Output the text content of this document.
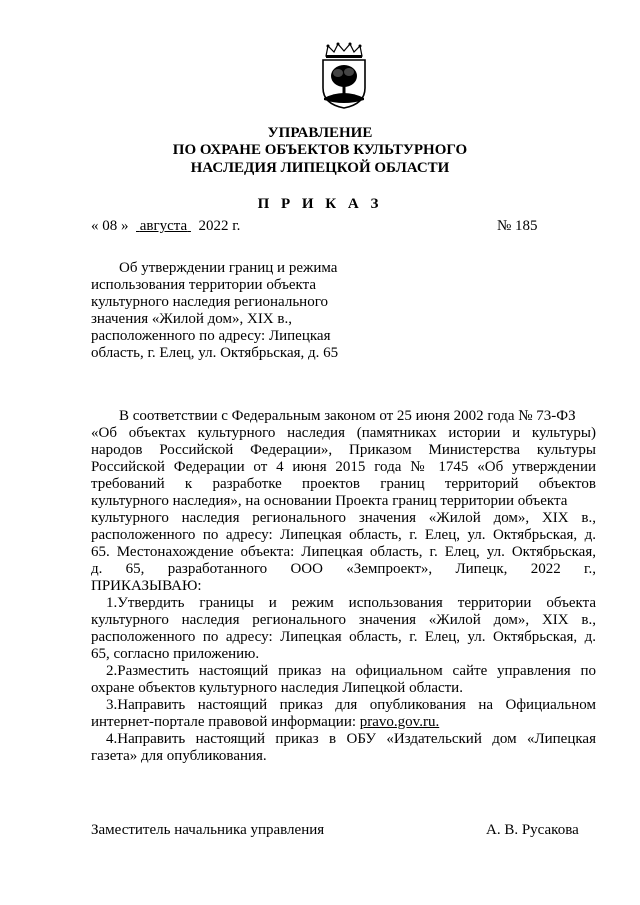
УПРАВЛЕНИЕ
ПО ОХРАНЕ ОБЪЕКТОВ КУЛЬТУРНОГО
НАСЛЕДИЯ ЛИПЕЦКОЙ ОБЛАСТИ
П Р И К А З
« 08 » августа 2022 г.	№ 185
Об утверждении границ и режима
использования территории объекта
культурного наследия регионального
значения «Жилой дом», XIX в.,
расположенного по адресу: Липецкая
область, г. Елец, ул. Октябрьская, д. 65
В соответствии с Федеральным законом от 25 июня 2002 года № 73-ФЗ
«Об объектах культурного наследия (памятниках истории и культуры)
народов Российской Федерации», Приказом Министерства культуры
Российской Федерации от 4 июня 2015 года № 1745 «Об утверждении
требований к разработке проектов границ территорий объектов
культурного наследия», на основании Проекта границ территории объекта
культурного наследия регионального значения «Жилой дом», XIX в.,
расположенного по адресу: Липецкая область, г. Елец, ул. Октябрьская, д.
65. Местонахождение объекта: Липецкая область, г. Елец, ул. Октябрьская,
д. 65, разработанного ООО «Земпроект», Липецк, 2022 г.,
ПРИКАЗЫВАЮ:
1.Утвердить границы и режим использования территории объекта
культурного наследия регионального значения «Жилой дом», XIX в.,
расположенного по адресу: Липецкая область, г. Елец, ул. Октябрьская, д.
65, согласно приложению.
2.Разместить настоящий приказ на официальном сайте управления по
охране объектов культурного наследия Липецкой области.
3.Направить настоящий приказ для опубликования на Официальном
интернет-портале правовой информации: pravo.gov.ru.
4.Направить настоящий приказ в ОБУ «Издательский дом «Липецкая
газета» для опубликования.
Заместитель начальника управления	А. В. Русакова
